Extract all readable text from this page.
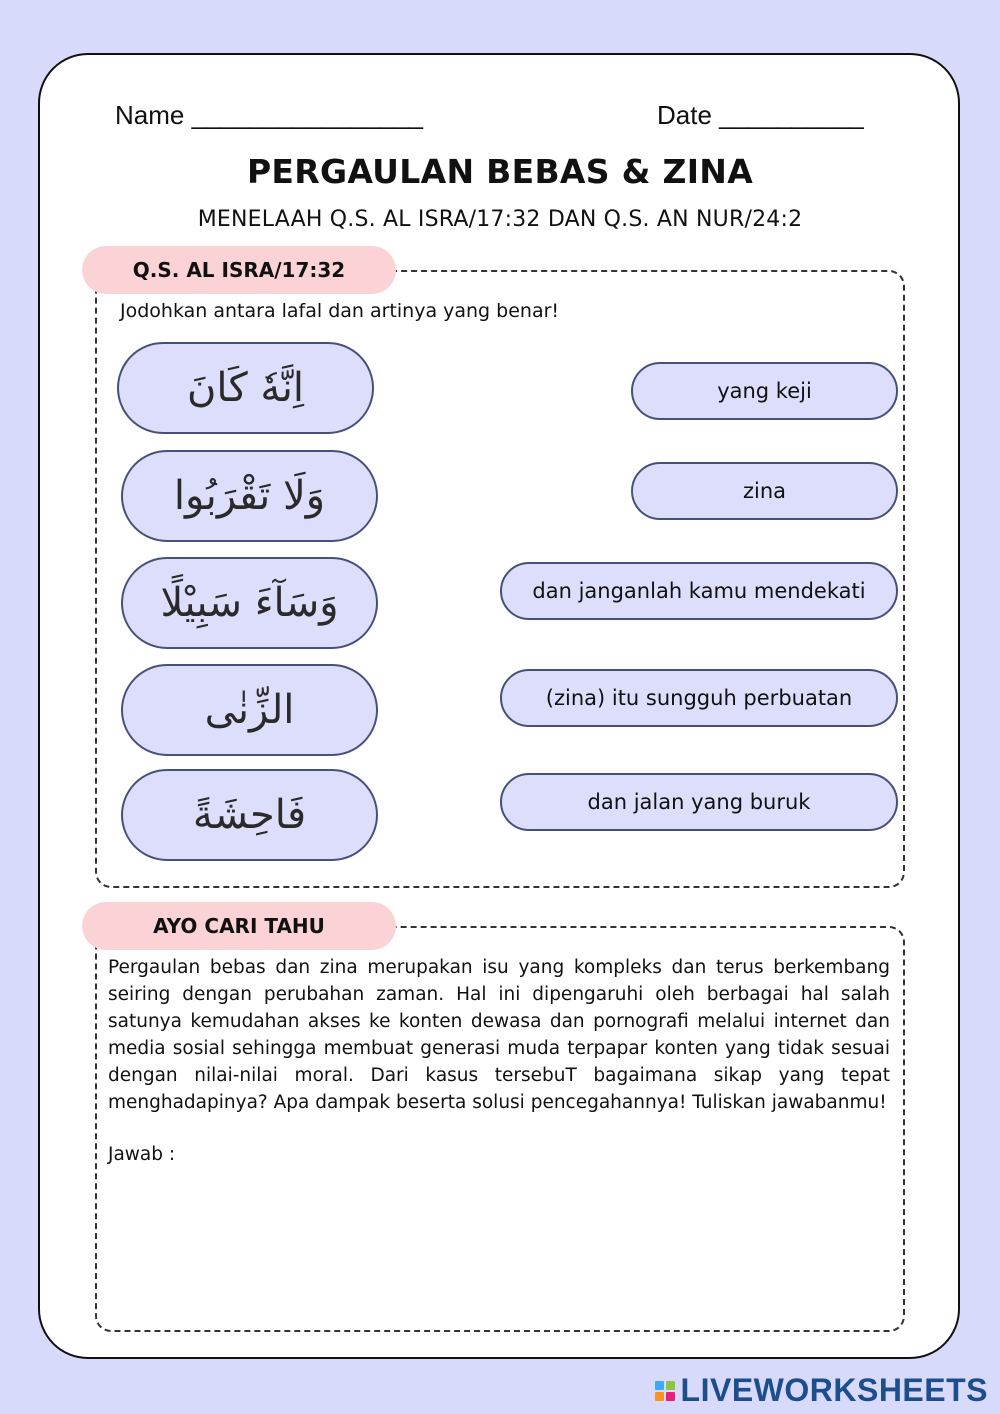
Name ________________	Date __________
PERGAULAN BEBAS & ZINA
MENELAAH Q.S. AL ISRA/17:32 DAN Q.S. AN NUR/24:2
Q.S. AL ISRA/17:32
Jodohkan antara lafal dan artinya yang benar!
اِنَّهٗ كَانَ
وَلَا تَقْرَبُوا
وَسَآءَ سَبِيْلًا
الزِّنٰى
فَاحِشَةً
yang keji
zina
dan janganlah kamu mendekati
(zina) itu sungguh perbuatan
dan jalan yang buruk
AYO CARI TAHU
Pergaulan bebas dan zina merupakan isu yang kompleks dan terus berkembang seiring dengan perubahan zaman. Hal ini dipengaruhi oleh berbagai hal salah satunya kemudahan akses ke konten dewasa dan pornografi melalui internet dan media sosial sehingga membuat generasi muda terpapar konten yang tidak sesuai dengan nilai-nilai moral. Dari kasus tersebuT bagaimana sikap yang tepat menghadapinya? Apa dampak beserta solusi pencegahannya! Tuliskan jawabanmu!
Jawab :
LIVEWORKSHEETS
